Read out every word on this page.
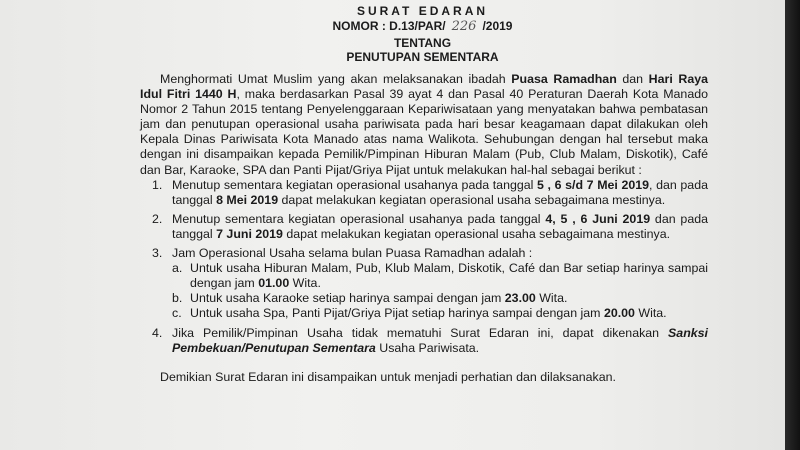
SURAT EDARAN
NOMOR : D.13/PAR/ 226 /2019
TENTANG
PENUTUPAN SEMENTARA

Menghormati Umat Muslim yang akan melaksanakan ibadah Puasa Ramadhan dan Hari Raya Idul Fitri 1440 H, maka berdasarkan Pasal 39 ayat 4 dan Pasal 40 Peraturan Daerah Kota Manado Nomor 2 Tahun 2015 tentang Penyelenggaraan Kepariwisataan yang menyatakan bahwa pembatasan jam dan penutupan operasional usaha pariwisata pada hari besar keagamaan dapat dilakukan oleh Kepala Dinas Pariwisata Kota Manado atas nama Walikota. Sehubungan dengan hal tersebut maka dengan ini disampaikan kepada Pemilik/Pimpinan Hiburan Malam (Pub, Club Malam, Diskotik), Café dan Bar, Karaoke, SPA dan Panti Pijat/Griya Pijat untuk melakukan hal-hal sebagai berikut :

1. Menutup sementara kegiatan operasional usahanya pada tanggal 5 , 6 s/d 7 Mei 2019, dan pada tanggal 8 Mei 2019 dapat melakukan kegiatan operasional usaha sebagaimana mestinya.
2. Menutup sementara kegiatan operasional usahanya pada tanggal 4, 5 , 6 Juni 2019 dan pada tanggal 7 Juni 2019 dapat melakukan kegiatan operasional usaha sebagaimana mestinya.
3. Jam Operasional Usaha selama bulan Puasa Ramadhan adalah :
a. Untuk usaha Hiburan Malam, Pub, Klub Malam, Diskotik, Café dan Bar setiap harinya sampai dengan jam 01.00 Wita.
b. Untuk usaha Karaoke setiap harinya sampai dengan jam 23.00 Wita.
c. Untuk usaha Spa, Panti Pijat/Griya Pijat setiap harinya sampai dengan jam 20.00 Wita.
4. Jika Pemilik/Pimpinan Usaha tidak mematuhi Surat Edaran ini, dapat dikenakan Sanksi Pembekuan/Penutupan Sementara Usaha Pariwisata.

Demikian Surat Edaran ini disampaikan untuk menjadi perhatian dan dilaksanakan.
